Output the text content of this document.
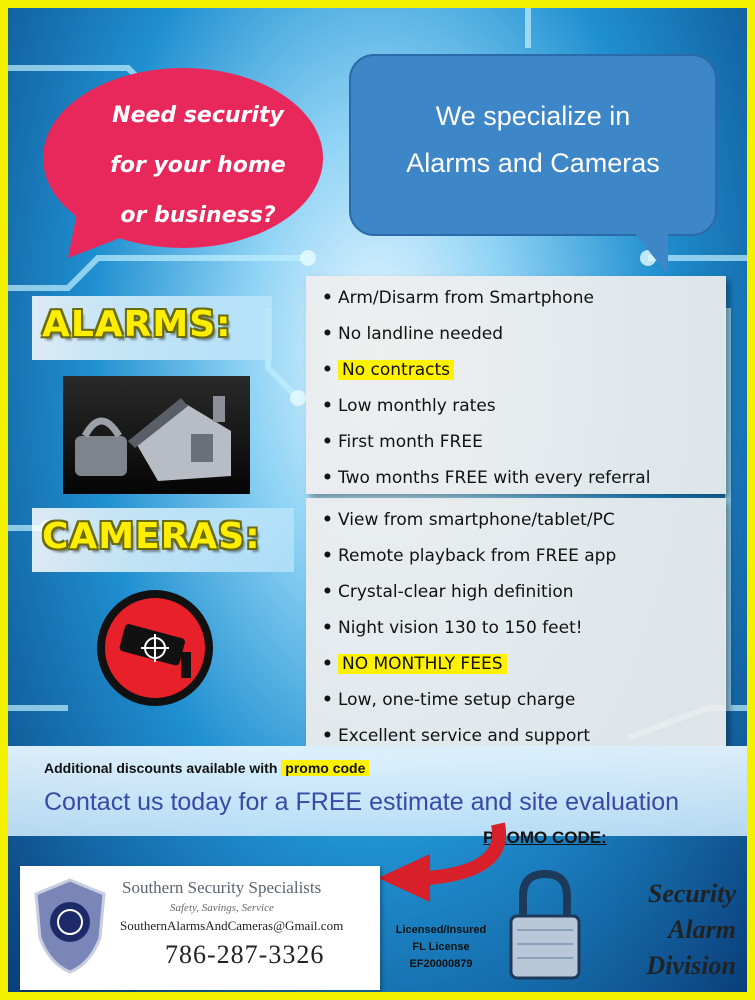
Need security
for your home
or business?
We specialize in
Alarms and Cameras
ALARMS:
• Arm/Disarm from Smartphone
• No landline needed
• No contracts
• Low monthly rates
• First month FREE
• Two months FREE with every referral
CAMERAS:	• View from smartphone/tablet/PC
• Remote playback from FREE app
• Crystal-clear high definition
• Night vision 130 to 150 feet!
• NO MONTHLY FEES
• Low, one-time setup charge
• Excellent service and support
Additional discounts available with promo code
Contact us today for a FREE estimate and site evaluation
PROMO CODE:
Southern Security Specialists
Safety, Savings, Service
SouthernAlarmsAndCameras@Gmail.com
786-287-3326
Licensed/Insured
FL License
EF20000879
Security
Alarm
Division
